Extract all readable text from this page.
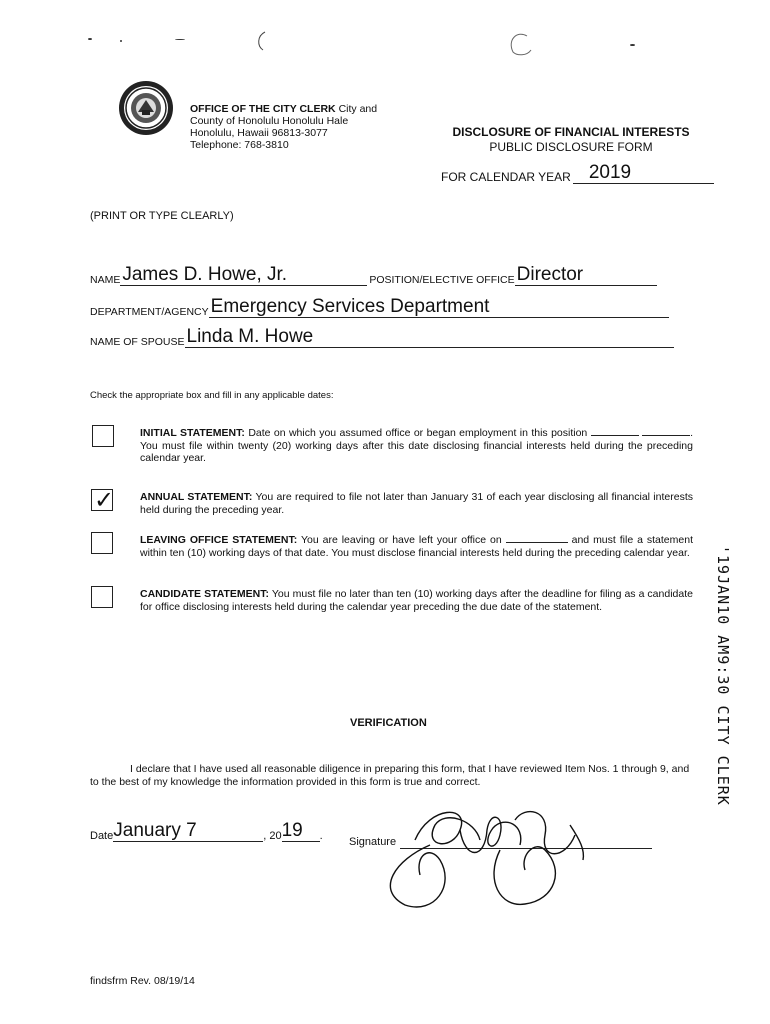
OFFICE OF THE CITY CLERK City and
County of Honolulu Honolulu Hale
Honolulu, Hawaii 96813-3077
Telephone: 768-3810
DISCLOSURE OF FINANCIAL INTERESTS
PUBLIC DISCLOSURE FORM
FOR CALENDAR YEAR 2019
(PRINT OR TYPE CLEARLY)
NAME James D. Howe, Jr.	POSITION/ELECTIVE OFFICE Director
DEPARTMENT/AGENCY Emergency Services Department
NAME OF SPOUSE Linda M. Howe
Check the appropriate box and fill in any applicable dates:
✓
INITIAL STATEMENT: Date on which you assumed office or began employment in this position	. You must file within twenty (20) working days after this date disclosing financial interests held during the preceding calendar year.
ANNUAL STATEMENT: You are required to file not later than January 31 of each year disclosing all financial interests held during the preceding year.
LEAVING OFFICE STATEMENT: You are leaving or have left your office on	and must file a statement within ten (10) working days of that date. You must disclose financial interests held during the preceding calendar year.
CANDIDATE STATEMENT: You must file no later than ten (10) working days after the deadline for filing as a candidate for office disclosing interests held during the calendar year preceding the due date of the statement.	'19JAN10 AM9:30 CITY CLERK
VERIFICATION
I declare that I have used all reasonable diligence in preparing this form, that I have reviewed Item Nos. 1 through 9, and to the best of my knowledge the information provided in this form is true and correct.
Date January 7	, 20 19	. Signature
findsfrm Rev. 08/19/14
